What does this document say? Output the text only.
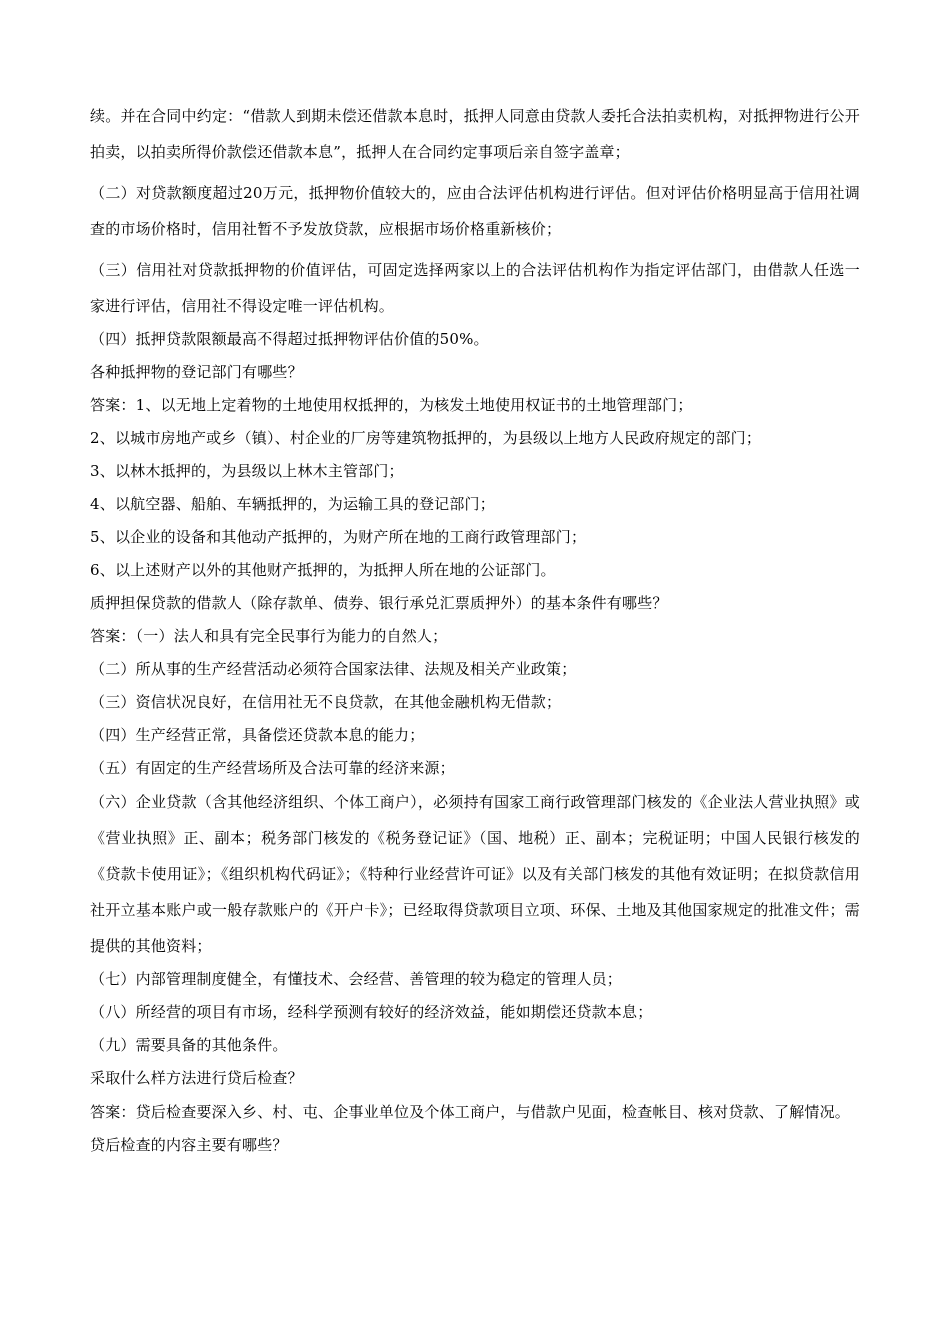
续。并在合同中约定：“借款人到期未偿还借款本息时，抵押人同意由贷款人委托合法拍卖机构，对抵押物进行公开拍卖，以拍卖所得价款偿还借款本息”，抵押人在合同约定事项后亲自签字盖章；

（二）对贷款额度超过20万元，抵押物价值较大的，应由合法评估机构进行评估。但对评估价格明显高于信用社调查的市场价格时，信用社暂不予发放贷款，应根据市场价格重新核价；

（三）信用社对贷款抵押物的价值评估，可固定选择两家以上的合法评估机构作为指定评估部门，由借款人任选一家进行评估，信用社不得设定唯一评估机构。

（四）抵押贷款限额最高不得超过抵押物评估价值的50%。

各种抵押物的登记部门有哪些？

答案：1、以无地上定着物的土地使用权抵押的，为核发土地使用权证书的土地管理部门；

2、以城市房地产或乡（镇）、村企业的厂房等建筑物抵押的，为县级以上地方人民政府规定的部门；

3、以林木抵押的，为县级以上林木主管部门；

4、以航空器、船舶、车辆抵押的，为运输工具的登记部门；

5、以企业的设备和其他动产抵押的，为财产所在地的工商行政管理部门；

6、以上述财产以外的其他财产抵押的，为抵押人所在地的公证部门。

质押担保贷款的借款人（除存款单、债券、银行承兑汇票质押外）的基本条件有哪些？

答案：（一）法人和具有完全民事行为能力的自然人；

（二）所从事的生产经营活动必须符合国家法律、法规及相关产业政策；

（三）资信状况良好，在信用社无不良贷款，在其他金融机构无借款；

（四）生产经营正常，具备偿还贷款本息的能力；

（五）有固定的生产经营场所及合法可靠的经济来源；

（六）企业贷款（含其他经济组织、个体工商户），必须持有国家工商行政管理部门核发的《企业法人营业执照》或《营业执照》正、副本；税务部门核发的《税务登记证》（国、地税）正、副本；完税证明；中国人民银行核发的《贷款卡使用证》；《组织机构代码证》；《特种行业经营许可证》以及有关部门核发的其他有效证明；在拟贷款信用社开立基本账户或一般存款账户的《开户卡》；已经取得贷款项目立项、环保、土地及其他国家规定的批准文件；需提供的其他资料；

（七）内部管理制度健全，有懂技术、会经营、善管理的较为稳定的管理人员；

（八）所经营的项目有市场，经科学预测有较好的经济效益，能如期偿还贷款本息；

（九）需要具备的其他条件。

采取什么样方法进行贷后检查？

答案：贷后检查要深入乡、村、屯、企事业单位及个体工商户，与借款户见面，检查帐目、核对贷款、了解情况。

贷后检查的内容主要有哪些？
